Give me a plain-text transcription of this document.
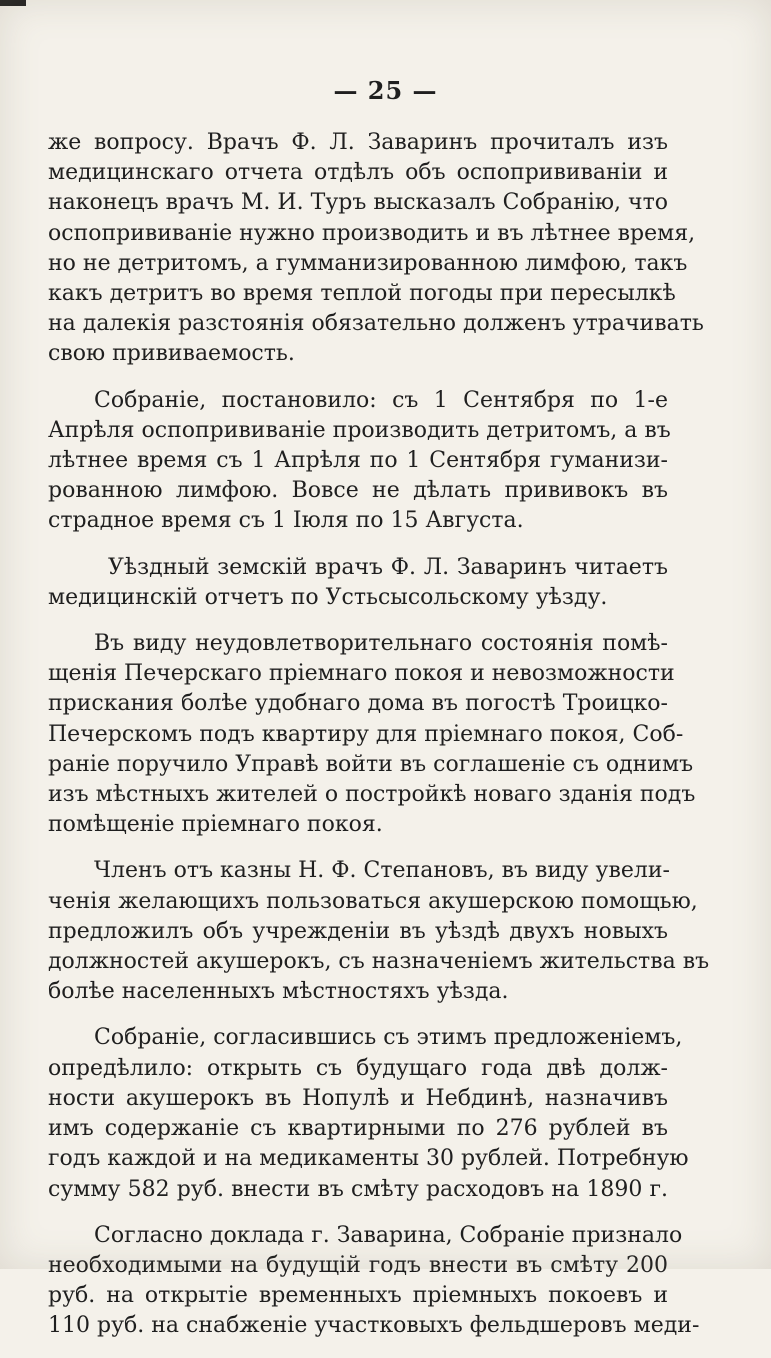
— 25 —

же вопросу. Врачъ Ф. Л. Заваринъ прочиталъ изъ
медицинскаго отчета отдѣлъ объ оспопрививаніи и
наконецъ врачъ М. И. Туръ высказалъ Собранію, что
оспопрививаніе нужно производить и въ лѣтнее время,
но не детритомъ, а гумманизированною лимфою, такъ
какъ детритъ во время теплой погоды при пересылкѣ
на далекія разстоянія обязательно долженъ утрачивать
свою прививаемость.

Собраніе, постановило: съ 1 Сентября по 1-е
Апрѣля оспопрививаніе производить детритомъ, а въ
лѣтнее время съ 1 Апрѣля по 1 Сентября гуманизи-
рованною лимфою. Вовсе не дѣлать прививокъ въ
страдное время съ 1 Іюля по 15 Августа.

Уѣздный земскій врачъ Ф. Л. Заваринъ читаетъ
медицинскій отчетъ по Устьсысольскому уѣзду.

Въ виду неудовлетворительнаго состоянія помѣ-
щенія Печерскаго пріемнаго покоя и невозможности
прискания болѣе удобнаго дома въ погостѣ Троицко-
Печерскомъ подъ квартиру для пріемнаго покоя, Соб-
раніе поручило Управѣ войти въ соглашеніе съ однимъ
изъ мѣстныхъ жителей о постройкѣ новаго зданія подъ
помѣщеніе пріемнаго покоя.

Членъ отъ казны Н. Ф. Степановъ, въ виду увели-
ченія желающихъ пользоваться акушерскою помощью,
предложилъ объ учрежденіи въ уѣздѣ двухъ новыхъ
должностей акушерокъ, съ назначеніемъ жительства въ
болѣе населенныхъ мѣстностяхъ уѣзда.

Собраніе, согласившись съ этимъ предложеніемъ,
опредѣлило: открыть съ будущаго года двѣ долж-
ности акушерокъ въ Нопулѣ и Небдинѣ, назначивъ
имъ содержаніе съ квартирными по 276 рублей въ
годъ каждой и на медикаменты 30 рублей. Потребную
сумму 582 руб. внести въ смѣту расходовъ на 1890 г.

Согласно доклада г. Заварина, Собраніе признало
необходимыми на будущій годъ внести въ смѣту 200
руб. на открытіе временныхъ пріемныхъ покоевъ и
110 руб. на снабженіе участковыхъ фельдшеровъ меди-
